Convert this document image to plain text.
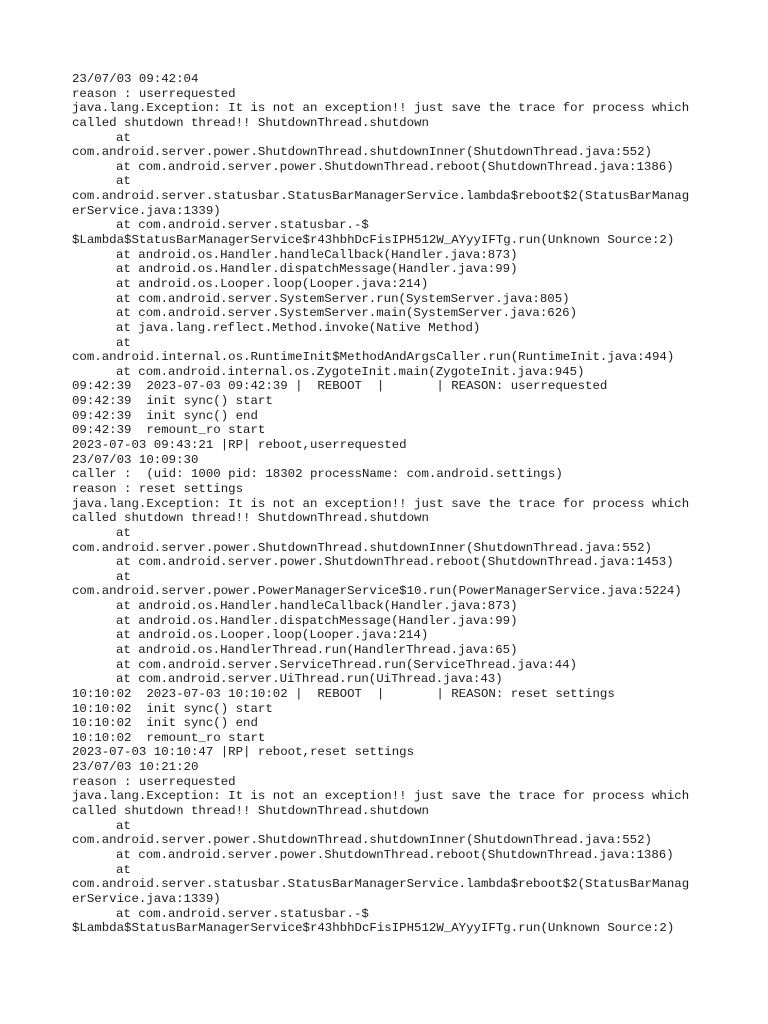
23/07/03 09:42:04
reason : userrequested
java.lang.Exception: It is not an exception!! just save the trace for process which
called shutdown thread!! ShutdownThread.shutdown
at
com.android.server.power.ShutdownThread.shutdownInner(ShutdownThread.java:552)
at com.android.server.power.ShutdownThread.reboot(ShutdownThread.java:1386)
at
com.android.server.statusbar.StatusBarManagerService.lambda$reboot$2(StatusBarManag
erService.java:1339)
at com.android.server.statusbar.-$
$Lambda$StatusBarManagerService$r43hbhDcFisIPH512W_AYyyIFTg.run(Unknown Source:2)
at android.os.Handler.handleCallback(Handler.java:873)
at android.os.Handler.dispatchMessage(Handler.java:99)
at android.os.Looper.loop(Looper.java:214)
at com.android.server.SystemServer.run(SystemServer.java:805)
at com.android.server.SystemServer.main(SystemServer.java:626)
at java.lang.reflect.Method.invoke(Native Method)
at
com.android.internal.os.RuntimeInit$MethodAndArgsCaller.run(RuntimeInit.java:494)
at com.android.internal.os.ZygoteInit.main(ZygoteInit.java:945)
09:42:39  2023-07-03 09:42:39 |  REBOOT  |       | REASON: userrequested
09:42:39  init sync() start
09:42:39  init sync() end
09:42:39  remount_ro start
2023-07-03 09:43:21 |RP| reboot,userrequested
23/07/03 10:09:30
caller :  (uid: 1000 pid: 18302 processName: com.android.settings)
reason : reset settings
java.lang.Exception: It is not an exception!! just save the trace for process which
called shutdown thread!! ShutdownThread.shutdown
at
com.android.server.power.ShutdownThread.shutdownInner(ShutdownThread.java:552)
at com.android.server.power.ShutdownThread.reboot(ShutdownThread.java:1453)
at
com.android.server.power.PowerManagerService$10.run(PowerManagerService.java:5224)
at android.os.Handler.handleCallback(Handler.java:873)
at android.os.Handler.dispatchMessage(Handler.java:99)
at android.os.Looper.loop(Looper.java:214)
at android.os.HandlerThread.run(HandlerThread.java:65)
at com.android.server.ServiceThread.run(ServiceThread.java:44)
at com.android.server.UiThread.run(UiThread.java:43)
10:10:02  2023-07-03 10:10:02 |  REBOOT  |       | REASON: reset settings
10:10:02  init sync() start
10:10:02  init sync() end
10:10:02  remount_ro start
2023-07-03 10:10:47 |RP| reboot,reset settings
23/07/03 10:21:20
reason : userrequested
java.lang.Exception: It is not an exception!! just save the trace for process which
called shutdown thread!! ShutdownThread.shutdown
at
com.android.server.power.ShutdownThread.shutdownInner(ShutdownThread.java:552)
at com.android.server.power.ShutdownThread.reboot(ShutdownThread.java:1386)
at
com.android.server.statusbar.StatusBarManagerService.lambda$reboot$2(StatusBarManag
erService.java:1339)
at com.android.server.statusbar.-$
$Lambda$StatusBarManagerService$r43hbhDcFisIPH512W_AYyyIFTg.run(Unknown Source:2)
